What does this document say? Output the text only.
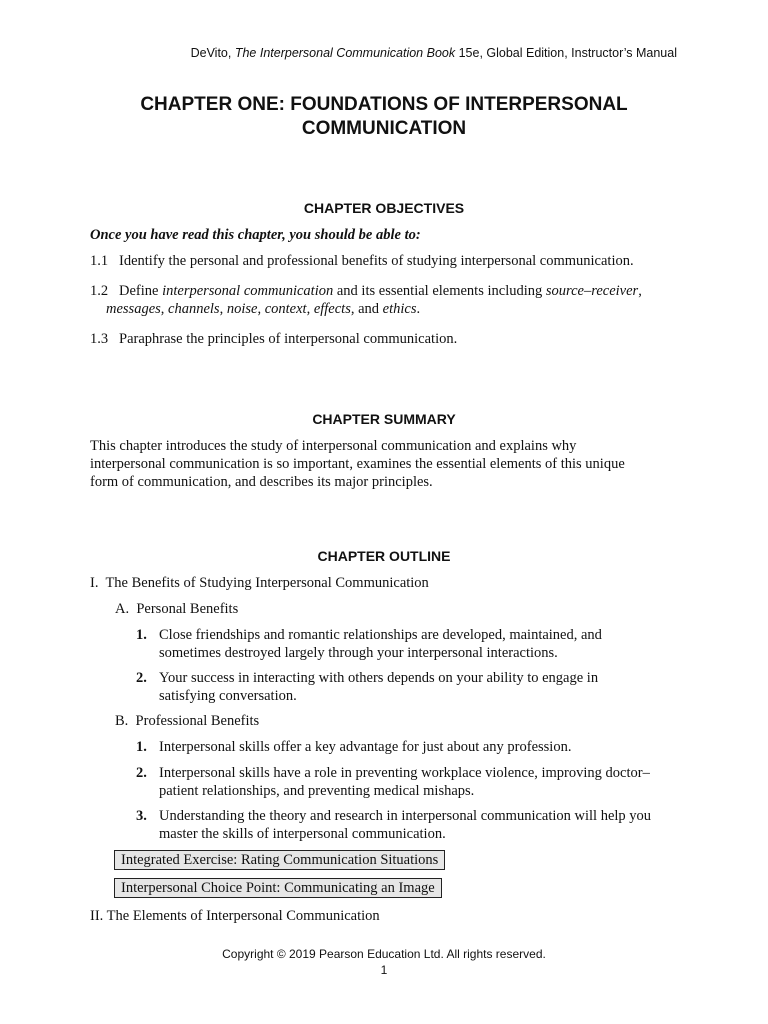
DeVito, The Interpersonal Communication Book 15e, Global Edition, Instructor’s Manual
CHAPTER ONE: FOUNDATIONS OF INTERPERSONAL
COMMUNICATION
CHAPTER OBJECTIVES
Once you have read this chapter, you should be able to:
1.1 Identify the personal and professional benefits of studying interpersonal communication.
1.2 Define interpersonal communication and its essential elements including source–receiver,
messages, channels, noise, context, effects, and ethics.
1.3 Paraphrase the principles of interpersonal communication.
CHAPTER SUMMARY
This chapter introduces the study of interpersonal communication and explains why
interpersonal communication is so important, examines the essential elements of this unique
form of communication, and describes its major principles.
CHAPTER OUTLINE
I.  The Benefits of Studying Interpersonal Communication
A.  Personal Benefits
1. Close friendships and romantic relationships are developed, maintained, and
sometimes destroyed largely through your interpersonal interactions.
2. Your success in interacting with others depends on your ability to engage in
satisfying conversation.
B.  Professional Benefits
1. Interpersonal skills offer a key advantage for just about any profession.
2. Interpersonal skills have a role in preventing workplace violence, improving doctor–
patient relationships, and preventing medical mishaps.
3. Understanding the theory and research in interpersonal communication will help you
master the skills of interpersonal communication.
Integrated Exercise: Rating Communication Situations
Interpersonal Choice Point: Communicating an Image
II. The Elements of Interpersonal Communication
Copyright © 2019 Pearson Education Ltd. All rights reserved.
1
